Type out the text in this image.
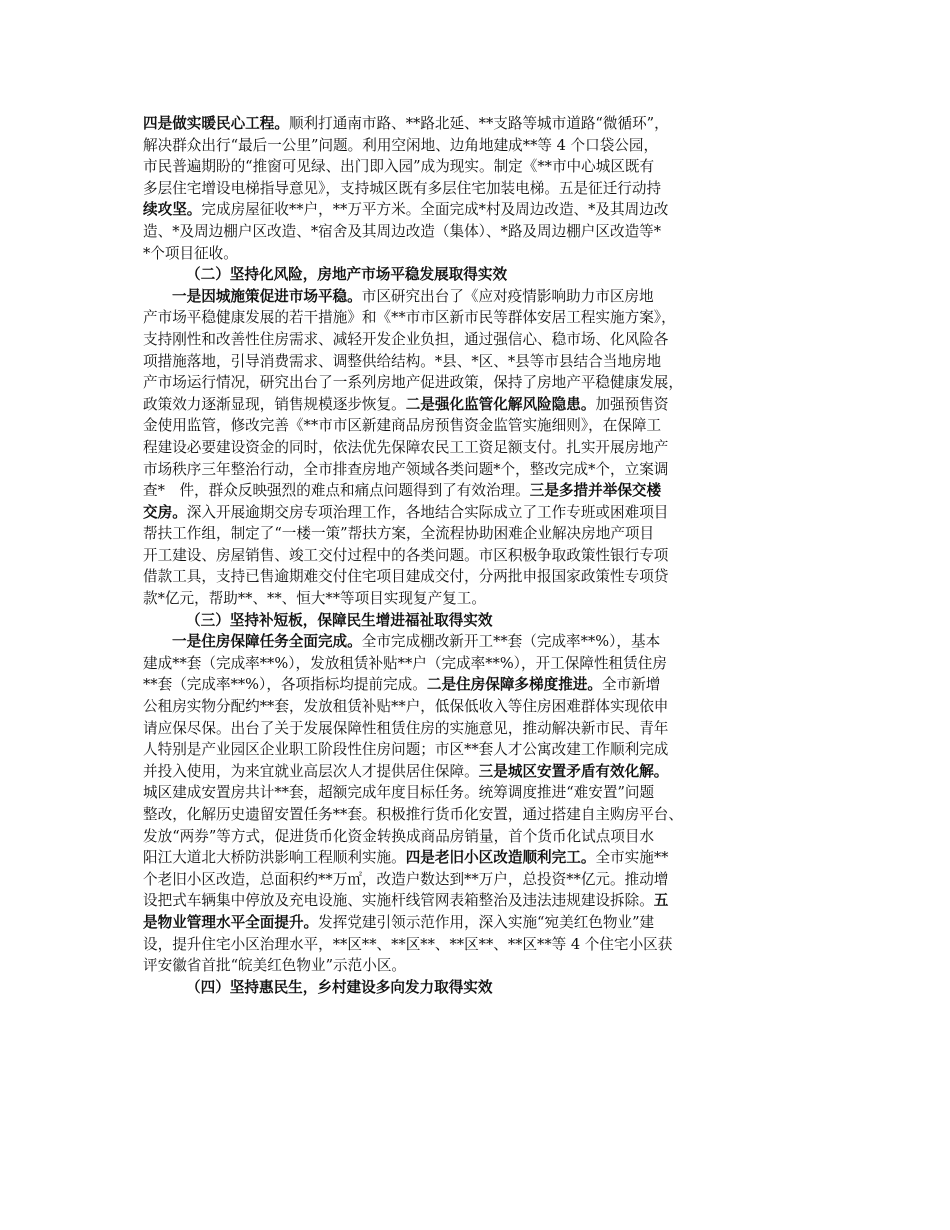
四是做实暖民心工程。顺利打通南市路、**路北延、**支路等城市道路“微循环”，
解决群众出行“最后一公里”问题。利用空闲地、边角地建成**等 4 个口袋公园，
市民普遍期盼的“推窗可见绿、出门即入园”成为现实。制定《**市中心城区既有
多层住宅增设电梯指导意见》，支持城区既有多层住宅加装电梯。五是征迁行动持
续攻坚。完成房屋征收**户，**万平方米。全面完成*村及周边改造、*及其周边改
造、*及周边棚户区改造、*宿舍及其周边改造（集体）、*路及周边棚户区改造等*
*个项目征收。
（二）坚持化风险，房地产市场平稳发展取得实效
一是因城施策促进市场平稳。市区研究出台了《应对疫情影响助力市区房地
产市场平稳健康发展的若干措施》和《**市市区新市民等群体安居工程实施方案》，
支持刚性和改善性住房需求、减轻开发企业负担，通过强信心、稳市场、化风险各
项措施落地，引导消费需求、调整供给结构。*县、*区、*县等市县结合当地房地
产市场运行情况，研究出台了一系列房地产促进政策，保持了房地产平稳健康发展，
政策效力逐渐显现，销售规模逐步恢复。二是强化监管化解风险隐患。加强预售资
金使用监管，修改完善《**市市区新建商品房预售资金监管实施细则》，在保障工
程建设必要建设资金的同时，依法优先保障农民工工资足额支付。扎实开展房地产
市场秩序三年整治行动，全市排查房地产领域各类问题*个，整改完成*个，立案调
查*　件，群众反映强烈的难点和痛点问题得到了有效治理。三是多措并举保交楼
交房。深入开展逾期交房专项治理工作，各地结合实际成立了工作专班或困难项目
帮扶工作组，制定了“一楼一策”帮扶方案，全流程协助困难企业解决房地产项目
开工建设、房屋销售、竣工交付过程中的各类问题。市区积极争取政策性银行专项
借款工具，支持已售逾期难交付住宅项目建成交付，分两批申报国家政策性专项贷
款*亿元，帮助**、**、恒大**等项目实现复产复工。
（三）坚持补短板，保障民生增进福祉取得实效
一是住房保障任务全面完成。全市完成棚改新开工**套（完成率**%），基本
建成**套（完成率**%），发放租赁补贴**户（完成率**%），开工保障性租赁住房
**套（完成率**%），各项指标均提前完成。二是住房保障多梯度推进。全市新增
公租房实物分配约**套，发放租赁补贴**户，低保低收入等住房困难群体实现依申
请应保尽保。出台了关于发展保障性租赁住房的实施意见，推动解决新市民、青年
人特别是产业园区企业职工阶段性住房问题；市区**套人才公寓改建工作顺利完成
并投入使用，为来宜就业高层次人才提供居住保障。三是城区安置矛盾有效化解。
城区建成安置房共计**套，超额完成年度目标任务。统筹调度推进“难安置”问题
整改，化解历史遗留安置任务**套。积极推行货币化安置，通过搭建自主购房平台、
发放“两券”等方式，促进货币化资金转换成商品房销量，首个货币化试点项目水
阳江大道北大桥防洪影响工程顺利实施。四是老旧小区改造顺利完工。全市实施**
个老旧小区改造，总面积约**万㎡，改造户数达到**万户，总投资**亿元。推动增
设把式车辆集中停放及充电设施、实施杆线管网表箱整治及违法违规建设拆除。五
是物业管理水平全面提升。发挥党建引领示范作用，深入实施“宛美红色物业”建
设，提升住宅小区治理水平，**区**、**区**、**区**、**区**等 4 个住宅小区获
评安徽省首批“皖美红色物业”示范小区。
（四）坚持惠民生，乡村建设多向发力取得实效
